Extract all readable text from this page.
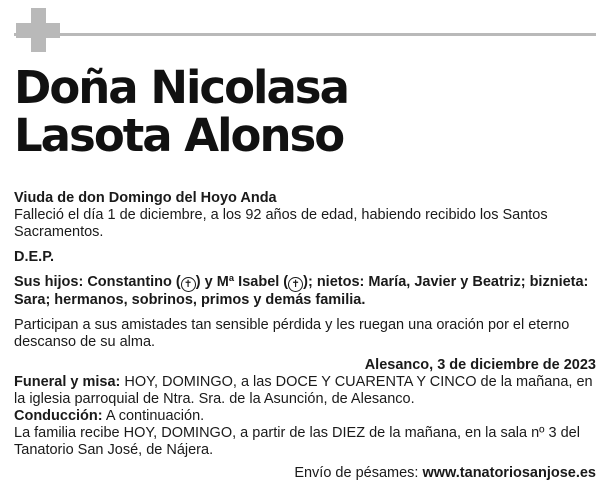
Doña Nicolasa
Lasota Alonso

Viuda de don Domingo del Hoyo Anda

Falleció el día 1 de diciembre, a los 92 años de edad, habiendo recibido los Santos Sacramentos.

D.E.P.

Sus hijos: Constantino ( ✝ ) y Mª Isabel ( ✝ ); nietos: María, Javier y Beatriz; biznieta: Sara; hermanos, sobrinos, primos y demás familia.

Participan a sus amistades tan sensible pérdida y les ruegan una oración por el eterno descanso de su alma.

Alesanco, 3 de diciembre de 2023

Funeral y misa: HOY, DOMINGO, a las DOCE Y CUARENTA Y CINCO de la mañana, en la iglesia parroquial de Ntra. Sra. de la Asunción, de Alesanco.

Conducción: A continuación.

La familia recibe HOY, DOMINGO, a partir de las DIEZ de la mañana, en la sala nº 3 del Tanatorio San José, de Nájera.

Envío de pésames: www.tanatoriosanjose.es
